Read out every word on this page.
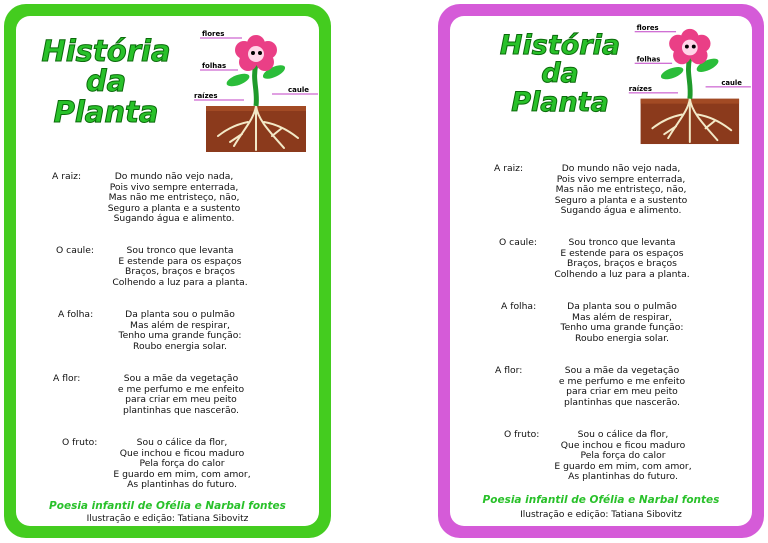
História
da
Planta
flores
folhas
raízes
caule
A raiz:	Do mundo não vejo nada,
Pois vivo sempre enterrada,
Mas não me entristeço, não,
Seguro a planta e a sustento
Sugando água e alimento.
O caule:	Sou tronco que levanta
E estende para os espaços
Braços, braços e braços
Colhendo a luz para a planta.
A folha:	Da planta sou o pulmão
Mas além de respirar,
Tenho uma grande função:
Roubo energia solar.
A flor:	Sou a mãe da vegetação
e me perfumo e me enfeito
para criar em meu peito
plantinhas que nascerão.
O fruto:	Sou o cálice da flor,
Que inchou e ficou maduro
Pela força do calor
E guardo em mim, com amor,
As plantinhas do futuro.
Poesia infantil de Ofélia e Narbal fontes
Ilustração e edição: Tatiana Sibovitz
História
da
Planta
flores
folhas
raízes
caule
A raiz:	Do mundo não vejo nada,
Pois vivo sempre enterrada,
Mas não me entristeço, não,
Seguro a planta e a sustento
Sugando água e alimento.
O caule:	Sou tronco que levanta
E estende para os espaços
Braços, braços e braços
Colhendo a luz para a planta.
A folha:	Da planta sou o pulmão
Mas além de respirar,
Tenho uma grande função:
Roubo energia solar.
A flor:	Sou a mãe da vegetação
e me perfumo e me enfeito
para criar em meu peito
plantinhas que nascerão.
O fruto:	Sou o cálice da flor,
Que inchou e ficou maduro
Pela força do calor
E guardo em mim, com amor,
As plantinhas do futuro.
Poesia infantil de Ofélia e Narbal fontes
Ilustração e edição: Tatiana Sibovitz
